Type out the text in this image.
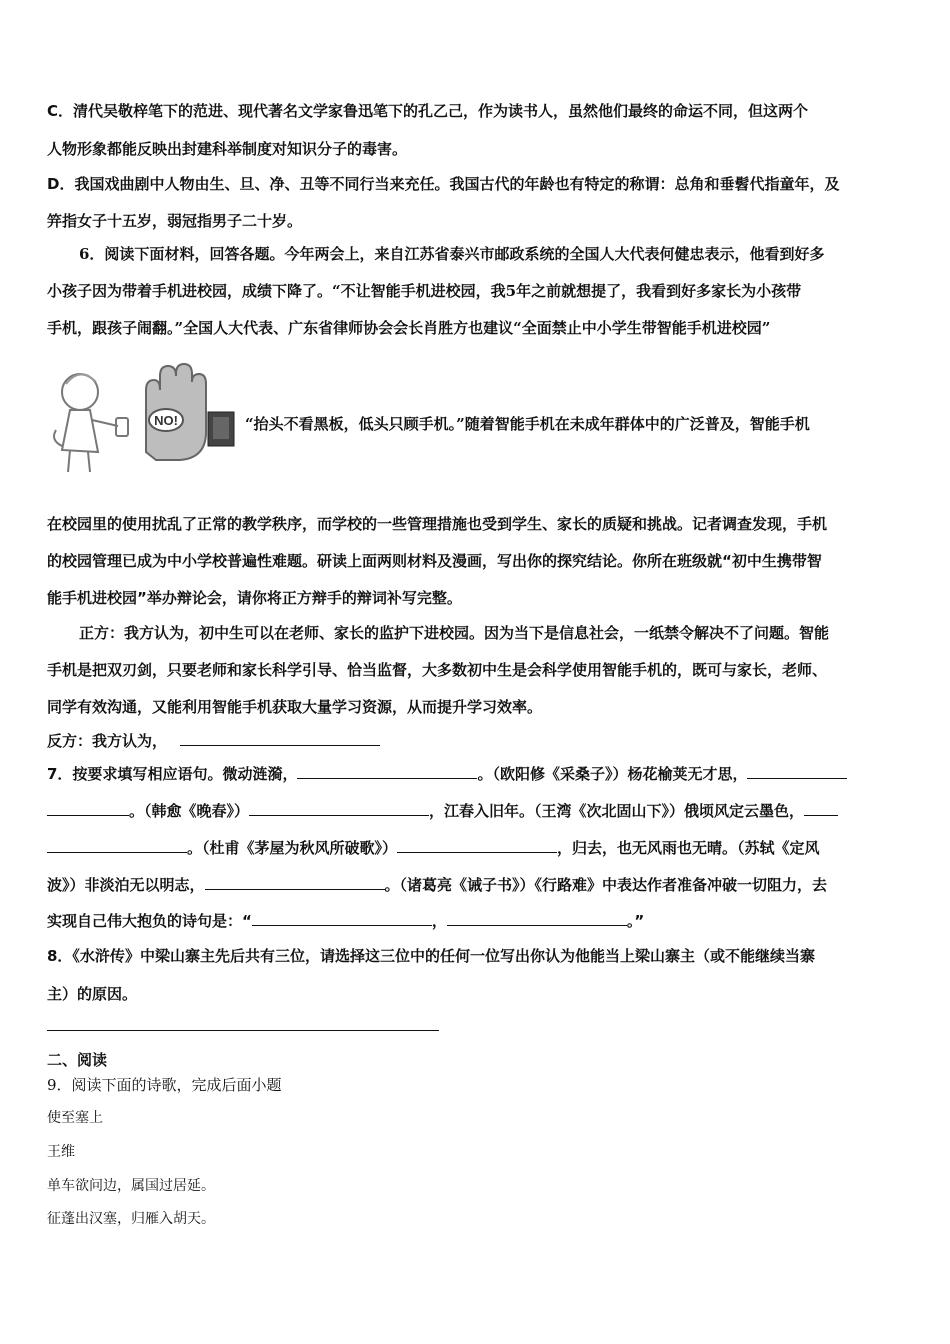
C．清代吴敬梓笔下的范进、现代著名文学家鲁迅笔下的孔乙己，作为读书人，虽然他们最终的命运不同，但这两个
人物形象都能反映出封建科举制度对知识分子的毒害。
D．我国戏曲剧中人物由生、旦、净、丑等不同行当来充任。我国古代的年龄也有特定的称谓：总角和垂髫代指童年，及
笄指女子十五岁，弱冠指男子二十岁。
6．阅读下面材料，回答各题。今年两会上，来自江苏省泰兴市邮政系统的全国人大代表何健忠表示，他看到好多
小孩子因为带着手机进校园，成绩下降了。“不让智能手机进校园，我5年之前就想提了，我看到好多家长为小孩带
手机，跟孩子闹翻。”全国人大代表、广东省律师协会会长肖胜方也建议“全面禁止中小学生带智能手机进校园”
NO!	“抬头不看黑板，低头只顾手机。”随着智能手机在未成年群体中的广泛普及，智能手机
在校园里的使用扰乱了正常的教学秩序，而学校的一些管理措施也受到学生、家长的质疑和挑战。记者调查发现，手机
的校园管理已成为中小学校普遍性难题。研读上面两则材料及漫画，写出你的探究结论。你所在班级就“初中生携带智
能手机进校园”举办辩论会，请你将正方辩手的辩词补写完整。
正方：我方认为，初中生可以在老师、家长的监护下进校园。因为当下是信息社会，一纸禁令解决不了问题。智能
手机是把双刃剑，只要老师和家长科学引导、恰当监督，大多数初中生是会科学使用智能手机的，既可与家长，老师、
同学有效沟通，又能利用智能手机获取大量学习资源，从而提升学习效率。
反方：我方认为，
7．按要求填写相应语句。微动涟漪，	。（欧阳修《采桑子》）杨花榆荚无才思，
。（韩愈《晚春》）	，江春入旧年。（王湾《次北固山下》）俄顷风定云墨色，
。（杜甫《茅屋为秋风所破歌》）	，归去，也无风雨也无晴。（苏轼《定风
波》）非淡泊无以明志，	。（诸葛亮《诫子书》）《行路难》中表达作者准备冲破一切阻力，去
实现自己伟大抱负的诗句是：“	，	。”
8．《水浒传》中梁山寨主先后共有三位，请选择这三位中的任何一位写出你认为他能当上梁山寨主（或不能继续当寨
主）的原因。
二、阅读
9．阅读下面的诗歌，完成后面小题
使至塞上
王维
单车欲问边，属国过居延。
征蓬出汉塞，归雁入胡天。
